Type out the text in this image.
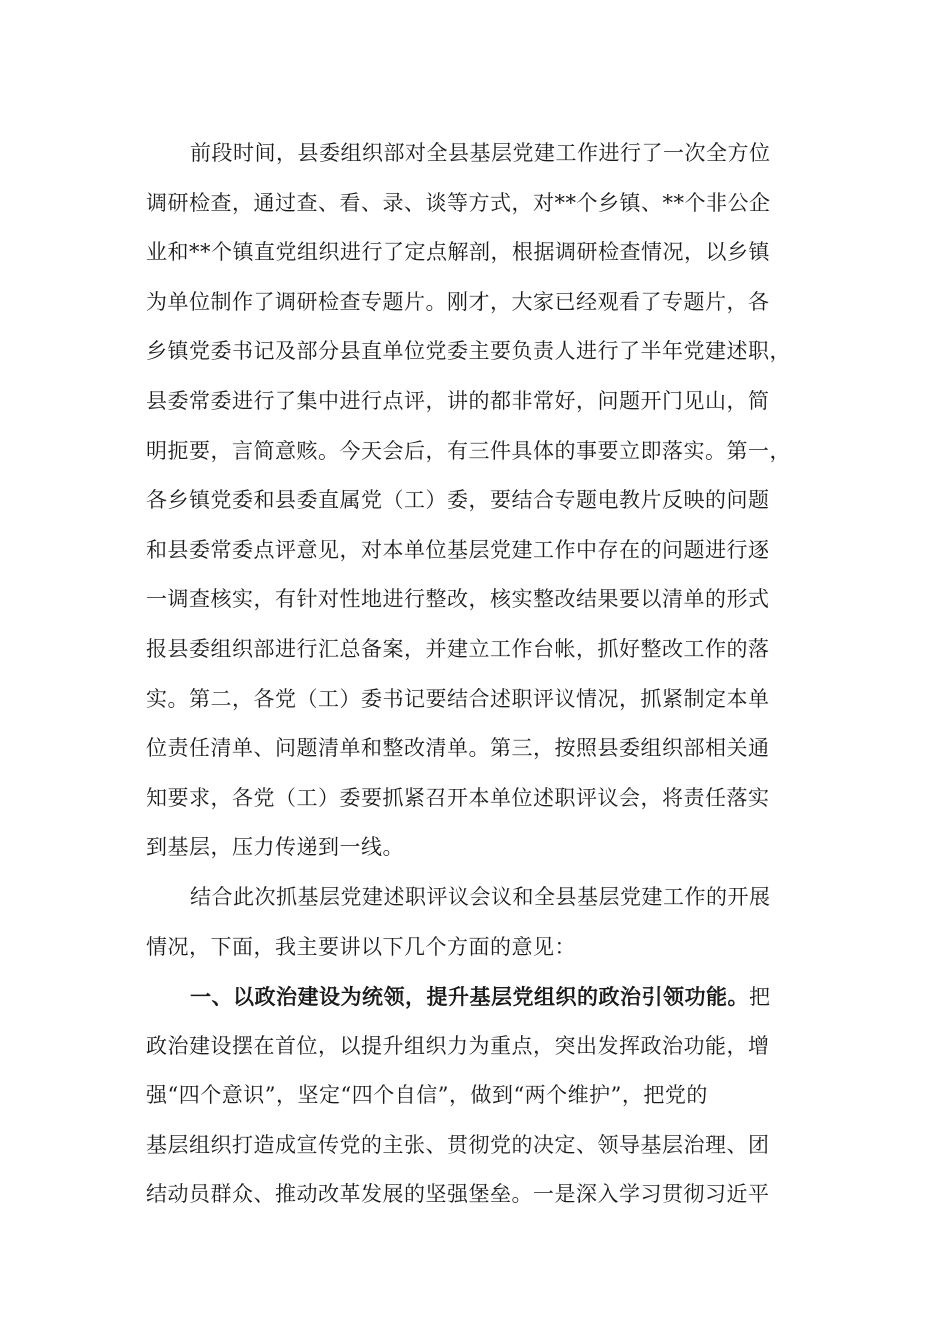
前段时间，县委组织部对全县基层党建工作进行了一次全方位
调研检查，通过查、看、录、谈等方式，对**个乡镇、**个非公企
业和**个镇直党组织进行了定点解剖，根据调研检查情况，以乡镇
为单位制作了调研检查专题片。刚才，大家已经观看了专题片，各
乡镇党委书记及部分县直单位党委主要负责人进行了半年党建述职，
县委常委进行了集中进行点评，讲的都非常好，问题开门见山，简
明扼要，言简意赅。今天会后，有三件具体的事要立即落实。第一，
各乡镇党委和县委直属党（工）委，要结合专题电教片反映的问题
和县委常委点评意见，对本单位基层党建工作中存在的问题进行逐
一调查核实，有针对性地进行整改，核实整改结果要以清单的形式
报县委组织部进行汇总备案，并建立工作台帐，抓好整改工作的落
实。第二，各党（工）委书记要结合述职评议情况，抓紧制定本单
位责任清单、问题清单和整改清单。第三，按照县委组织部相关通
知要求，各党（工）委要抓紧召开本单位述职评议会，将责任落实
到基层，压力传递到一线。
结合此次抓基层党建述职评议会议和全县基层党建工作的开展
情况，下面，我主要讲以下几个方面的意见：
一、以政治建设为统领，提升基层党组织的政治引领功能。把
政治建设摆在首位，以提升组织力为重点，突出发挥政治功能，增
强“四个意识”，坚定“四个自信”，做到“两个维护”，把党的
基层组织打造成宣传党的主张、贯彻党的决定、领导基层治理、团
结动员群众、推动改革发展的坚强堡垒。一是深入学习贯彻习近平
